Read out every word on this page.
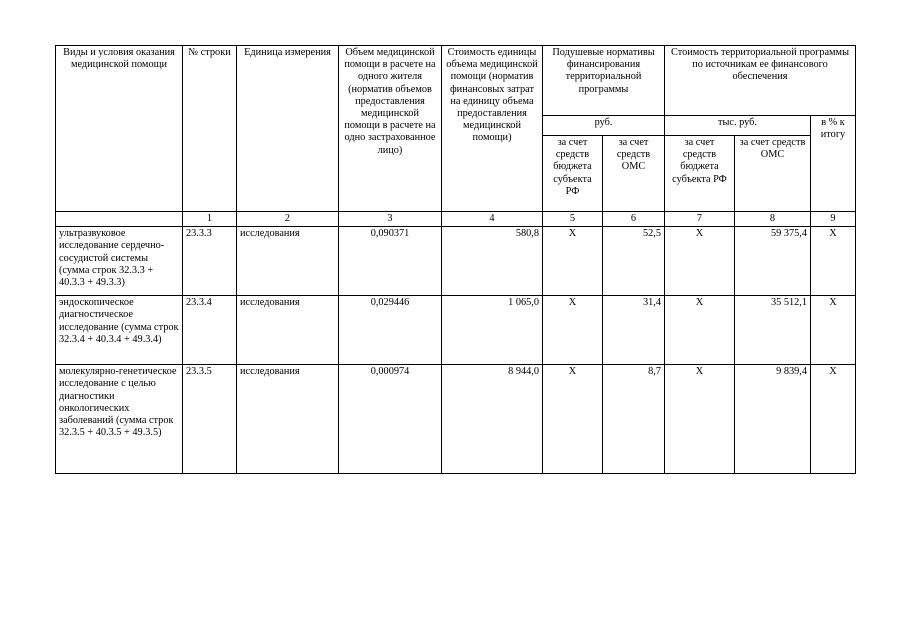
Виды и условия оказания медицинской помощи	№ строки	Единица измерения	Объем медицинской помощи в расчете на одного жителя (норматив объемов предоставления медицинской помощи в расчете на одно застрахованное лицо)	Стоимость единицы объема медицинской помощи (норматив финансовых затрат на единицу объема предоставления медицинской помощи)	Подушевые нормативы финансирования территориальной программы		Стоимость территориальной программы по источникам ее финансового обеспечения		
					руб.		тыс. руб.		в % к итогу
					за счет средств бюджета субъекта РФ	за счет средств ОМС	за счет средств бюджета субъекта РФ	за счет средств ОМС	
	1	2	3	4	5	6	7	8	9
ультразвуковое исследование сердечно-сосудистой системы (сумма строк 32.3.3 + 40.3.3 + 49.3.3)	23.3.3	исследования	0,090371	580,8	Х	52,5	Х	59 375,4	Х
эндоскопическое диагностическое исследование (сумма строк 32.3.4 + 40.3.4 + 49.3.4)	23.3.4	исследования	0,029446	1 065,0	Х	31,4	Х	35 512,1	Х
молекулярно-генетическое исследование с целью диагностики онкологических заболеваний (сумма строк 32.3.5 + 40.3.5 + 49.3.5)	23.3.5	исследования	0,000974	8 944,0	Х	8,7	Х	9 839,4	Х
